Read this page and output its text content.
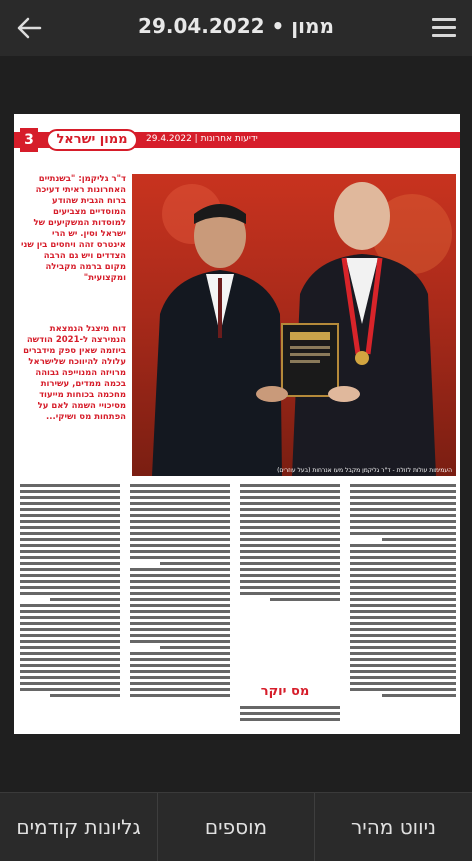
29.04.2022 • ממון
3	ממון ישראל	ידיעות אחרונות | 29.4.2022
ד"ר גליקמן: "בשנתיים האחרונות ראיתי דעיכה ברוח הגבית שהודע המוסדיים מצביעים למוסדות המשקיעים של ישראל וסין. יש הרי אינטרס זהה ויחסים בין שני הצדדים ויש גם הרבה מקום ברמה מקבילה ומקצועית"
דוח מיצגל הנמצאת הנמירצה ל-2021 הודשה ביוזמה שאין ספק מידברים עלולה להיווכח שלישראל מרויזה המנוייפה גבוהה בכמה ממדים, עשירות מחכמה בכוחות מייעוד מסיכויי השמה לאם על הפתחות מס ושיקי...
העמימות עולות לזולת - ד"ר גליקמן מקבל מעו אנרחות (בעל עוזרים)
מס יוקר
גליונות קודמים	מוספים	ניווט מהיר
